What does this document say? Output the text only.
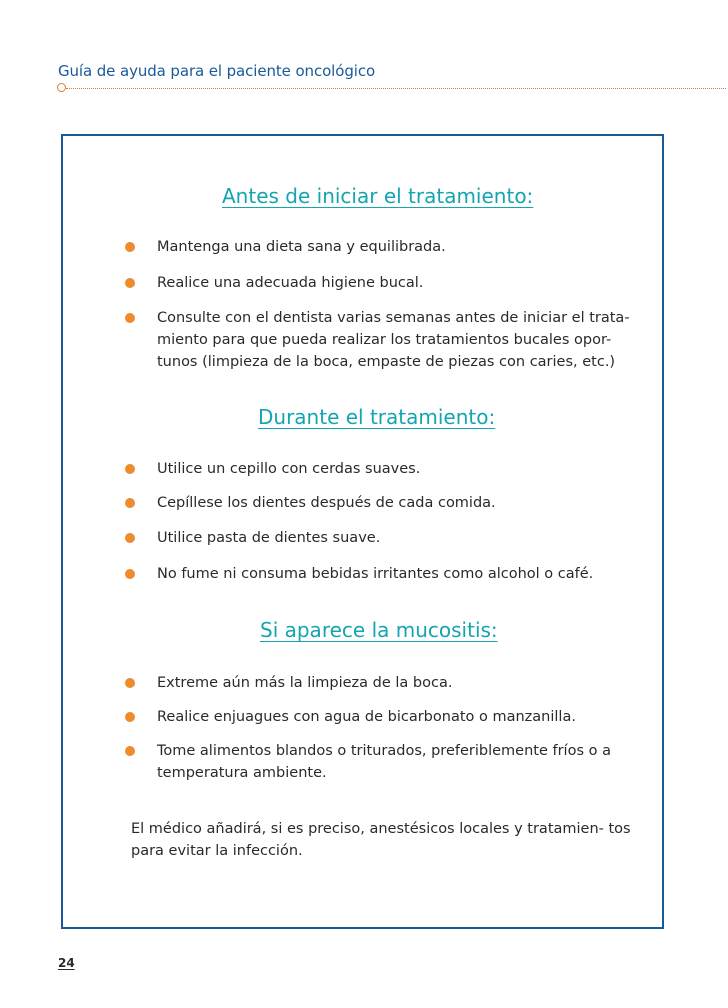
Guía de ayuda para el paciente oncológico
Antes de iniciar el tratamiento:
Mantenga una dieta sana y equilibrada.
Realice una adecuada higiene bucal.
Consulte con el dentista varias semanas antes de iniciar el trata- miento para que pueda realizar los tratamientos bucales opor- tunos (limpieza de la boca, empaste de piezas con caries, etc.)
Durante el tratamiento:
Utilice un cepillo con cerdas suaves.
Cepíllese los dientes después de cada comida.
Utilice pasta de dientes suave.
No fume ni consuma bebidas irritantes como alcohol o café.
Si aparece la mucositis:
Extreme aún más la limpieza de la boca.
Realice enjuagues con agua de bicarbonato o manzanilla.
Tome alimentos blandos o triturados, preferiblemente fríos o a temperatura ambiente.
El médico añadirá, si es preciso, anestésicos locales y tratamien- tos para evitar la infección.
24
